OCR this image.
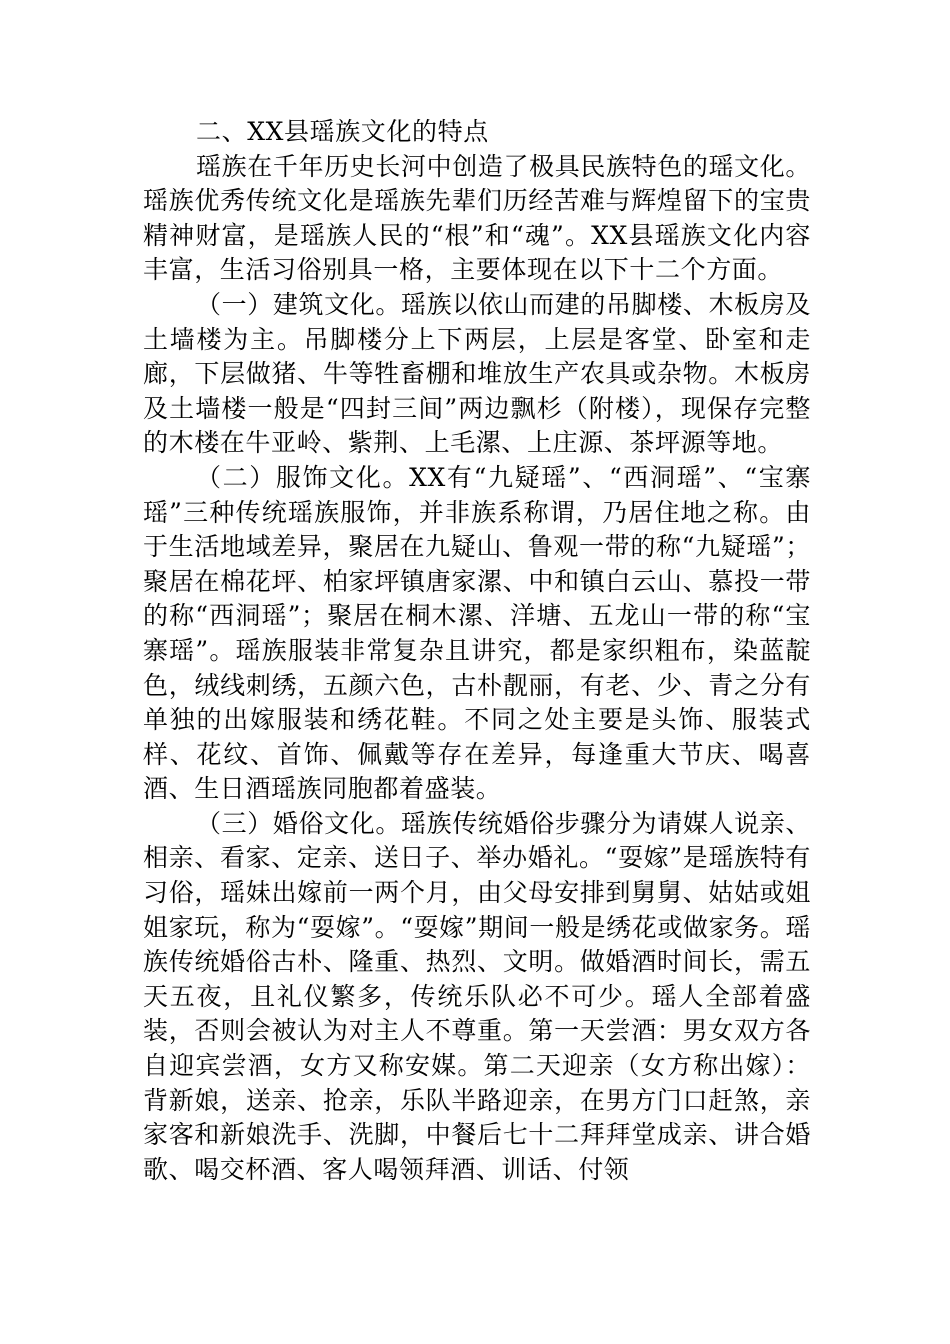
二、XX县瑶族文化的特点

瑶族在千年历史长河中创造了极具民族特色的瑶文化。瑶族优秀传统文化是瑶族先辈们历经苦难与辉煌留下的宝贵精神财富，是瑶族人民的“根”和“魂”。XX县瑶族文化内容丰富，生活习俗别具一格，主要体现在以下十二个方面。

（一）建筑文化。瑶族以依山而建的吊脚楼、木板房及土墙楼为主。吊脚楼分上下两层，上层是客堂、卧室和走廊，下层做猪、牛等牲畜棚和堆放生产农具或杂物。木板房及土墙楼一般是“四封三间”两边飘杉（附楼），现保存完整的木楼在牛亚岭、紫荆、上毛漯、上庄源、茶坪源等地。

（二）服饰文化。XX有“九疑瑶”、“西洞瑶”、“宝寨瑶”三种传统瑶族服饰，并非族系称谓，乃居住地之称。由于生活地域差异，聚居在九疑山、鲁观一带的称“九疑瑶”；聚居在棉花坪、柏家坪镇唐家漯、中和镇白云山、慕投一带的称“西洞瑶”；聚居在桐木漯、洋塘、五龙山一带的称“宝寨瑶”。瑶族服装非常复杂且讲究，都是家织粗布，染蓝靛色，绒线刺绣，五颜六色，古朴靓丽，有老、少、青之分有单独的出嫁服装和绣花鞋。不同之处主要是头饰、服装式样、花纹、首饰、佩戴等存在差异，每逢重大节庆、喝喜酒、生日酒瑶族同胞都着盛装。

（三）婚俗文化。瑶族传统婚俗步骤分为请媒人说亲、相亲、看家、定亲、送日子、举办婚礼。“耍嫁”是瑶族特有习俗，瑶妹出嫁前一两个月，由父母安排到舅舅、姑姑或姐姐家玩，称为“耍嫁”。“耍嫁”期间一般是绣花或做家务。瑶族传统婚俗古朴、隆重、热烈、文明。做婚酒时间长，需五天五夜，且礼仪繁多，传统乐队必不可少。瑶人全部着盛装，否则会被认为对主人不尊重。第一天尝酒：男女双方各自迎宾尝酒，女方又称安媒。第二天迎亲（女方称出嫁）：背新娘，送亲、抢亲，乐队半路迎亲，在男方门口赶煞，亲家客和新娘洗手、洗脚，中餐后七十二拜拜堂成亲、讲合婚歌、喝交杯酒、客人喝领拜酒、训话、付领
